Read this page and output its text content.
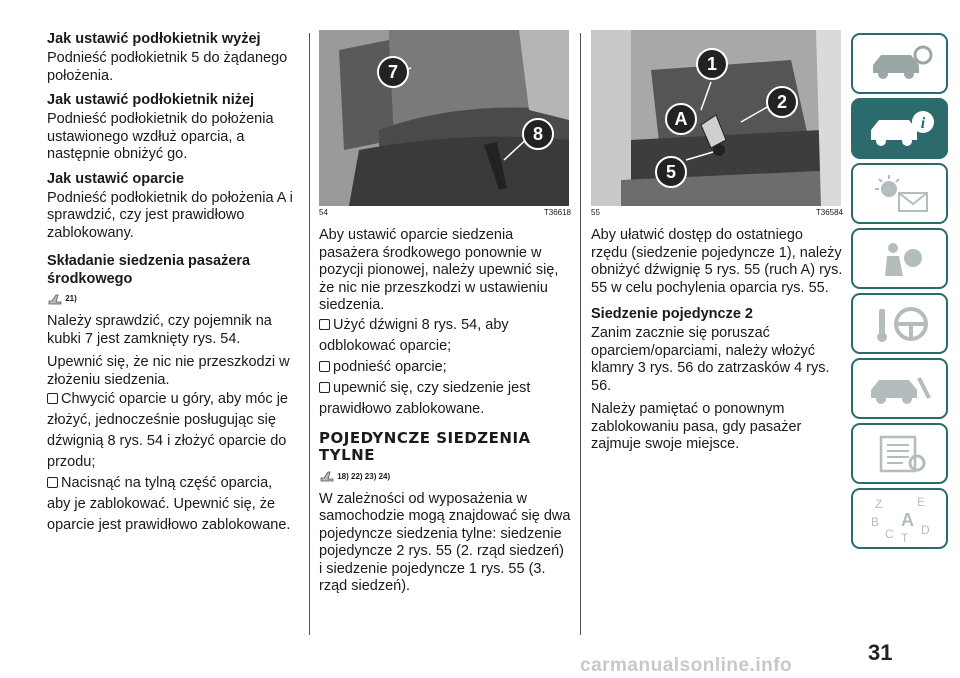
Jak ustawić podłokietnik wyżej

Podnieść podłokietnik 5 do żądanego położenia.

Jak ustawić podłokietnik niżej

Podnieść podłokietnik do położenia ustawionego wzdłuż oparcia, a następnie obniżyć go.

Jak ustawić oparcie

Podnieść podłokietnik do położenia A i sprawdzić, czy jest prawidłowo zablokowany.

Składanie siedzenia pasażera środkowego
21)

Należy sprawdzić, czy pojemnik na kubki 7 jest zamknięty rys. 54.

Upewnić się, że nic nie przeszkodzi w złożeniu siedzenia.

Chwycić oparcie u góry, aby móc je złożyć, jednocześnie posługując się dźwignią 8 rys. 54 i złożyć oparcie do przodu;
Nacisnąć na tylną część oparcia, aby je zablokować. Upewnić się, że oparcie jest prawidłowo zablokowane.
7
8
54	T36618

Aby ustawić oparcie siedzenia pasażera środkowego ponownie w pozycji pionowej, należy upewnić się, że nic nie przeszkodzi w ustawieniu siedzenia.

Użyć dźwigni 8 rys. 54, aby odblokować oparcie;
podnieść oparcie;
upewnić się, czy siedzenie jest prawidłowo zablokowane.
POJEDYNCZE SIEDZENIA TYLNE
18) 22) 23) 24)

W zależności od wyposażenia w samochodzie mogą znajdować się dwa pojedyncze siedzenia tylne: siedzenie pojedyncze 2 rys. 55 (2. rząd siedzeń) i siedzenie pojedyncze 1 rys. 55 (3. rząd siedzeń).

1
2
A
5
55	T36584

Aby ułatwić dostęp do ostatniego rzędu (siedzenie pojedyncze 1), należy obniżyć dźwignię 5 rys. 55 (ruch A) rys. 55 w celu pochylenia oparcia rys. 55.

Siedzenie pojedyncze 2

Zanim zacznie się poruszać oparciem/oparciami, należy włożyć klamry 3 rys. 56 do zatrzasków 4 rys. 56.

Należy pamiętać o ponownym zablokowaniu pasa, gdy pasażer zajmuje swoje miejsce.

i
Z	E
B A
C T
D
31
carmanualsonline.info
